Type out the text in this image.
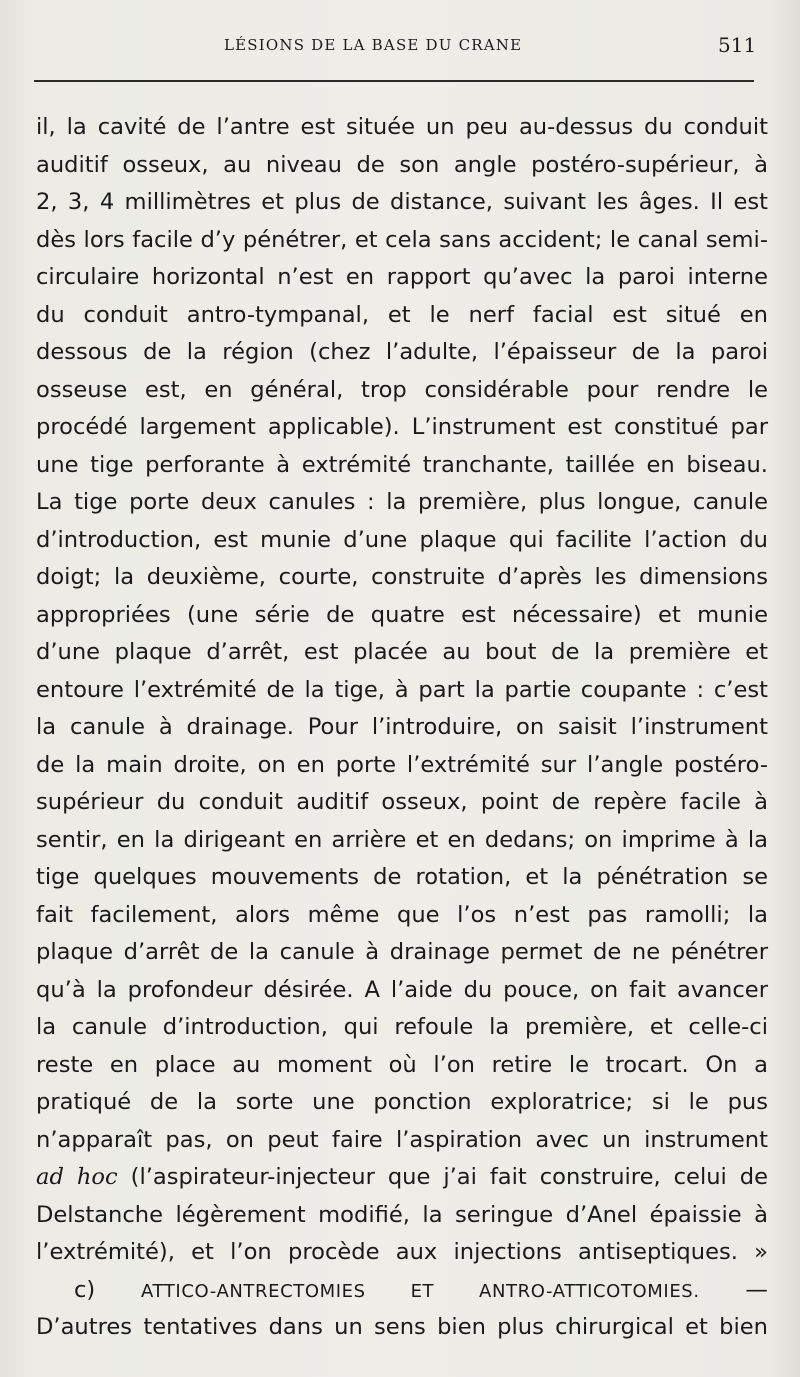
LÉSIONS DE LA BASE DU CRANE	511
il, la cavité de l’antre est située un peu au-dessus du conduit
auditif osseux, au niveau de son angle postéro-supérieur, à
2, 3, 4 millimètres et plus de distance, suivant les âges. Il est
dès lors facile d’y pénétrer, et cela sans accident; le canal semi-
circulaire horizontal n’est en rapport qu’avec la paroi interne
du conduit antro-tympanal, et le nerf facial est situé en
dessous de la région (chez l’adulte, l’épaisseur de la paroi
osseuse est, en général, trop considérable pour rendre le
procédé largement applicable). L’instrument est constitué par
une tige perforante à extrémité tranchante, taillée en biseau.
La tige porte deux canules : la première, plus longue, canule
d’introduction, est munie d’une plaque qui facilite l’action du
doigt; la deuxième, courte, construite d’après les dimensions
appropriées (une série de quatre est nécessaire) et munie
d’une plaque d’arrêt, est placée au bout de la première et
entoure l’extrémité de la tige, à part la partie coupante : c’est
la canule à drainage. Pour l’introduire, on saisit l’instrument
de la main droite, on en porte l’extrémité sur l’angle postéro-
supérieur du conduit auditif osseux, point de repère facile à
sentir, en la dirigeant en arrière et en dedans; on imprime à la
tige quelques mouvements de rotation, et la pénétration se
fait facilement, alors même que l’os n’est pas ramolli; la
plaque d’arrêt de la canule à drainage permet de ne pénétrer
qu’à la profondeur désirée. A l’aide du pouce, on fait avancer
la canule d’introduction, qui refoule la première, et celle-ci
reste en place au moment où l’on retire le trocart. On a
pratiqué de la sorte une ponction exploratrice; si le pus
n’apparaît pas, on peut faire l’aspiration avec un instrument
ad hoc (l’aspirateur-injecteur que j’ai fait construire, celui de
Delstanche légèrement modifié, la seringue d’Anel épaissie à
l’extrémité), et l’on procède aux injections antiseptiques. »
c)	ATTICO-ANTRECTOMIES ET ANTRO-ATTICOTOMIES. —
D’autres tentatives dans un sens bien plus chirurgical et bien
